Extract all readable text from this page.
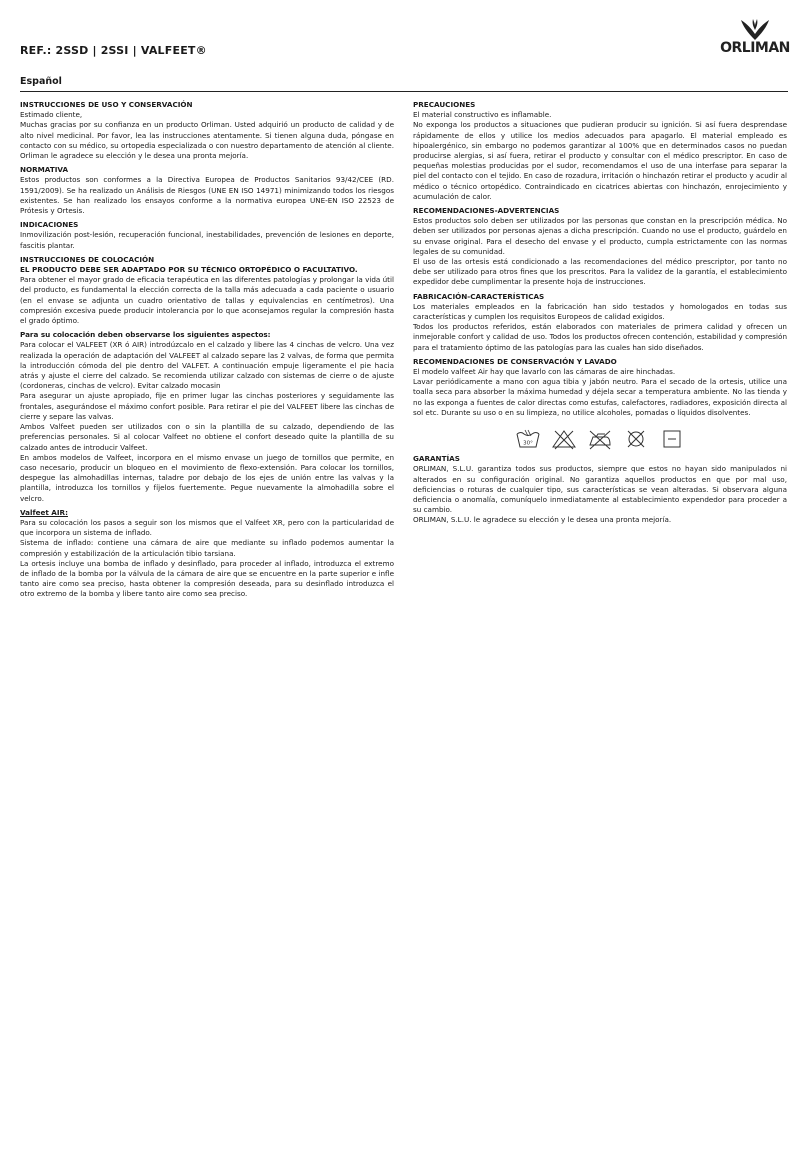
REF.: 2SSD | 2SSI | VALFEET®	ORLIMAN
Español
INSTRUCCIONES DE USO Y CONSERVACIÓN

Estimado cliente,

Muchas gracias por su confianza en un producto Orliman. Usted adquirió un producto de calidad y de alto nivel medicinal. Por favor, lea las instrucciones atentamente. Si tienen alguna duda, póngase en contacto con su médico, su ortopedia especializada o con nuestro departamento de atención al cliente. Orliman le agradece su elección y le desea una pronta mejoría.

NORMATIVA

Estos productos son conformes a la Directiva Europea de Productos Sanitarios 93/42/CEE (RD. 1591/2009). Se ha realizado un Análisis de Riesgos (UNE EN ISO 14971) minimizando todos los riesgos existentes. Se han realizado los ensayos conforme a la normativa europea UNE-EN ISO 22523 de Prótesis y Ortesis.

INDICACIONES

Inmovilización post-lesión, recuperación funcional, inestabilidades, prevención de lesiones en deporte, fascitis plantar.

INSTRUCCIONES DE COLOCACIÓN

EL PRODUCTO DEBE SER ADAPTADO POR SU TÉCNICO ORTOPÉDICO O FACULTATIVO.

Para obtener el mayor grado de eficacia terapéutica en las diferentes patologías y prolongar la vida útil del producto, es fundamental la elección correcta de la talla más adecuada a cada paciente o usuario (en el envase se adjunta un cuadro orientativo de tallas y equivalencias en centímetros). Una compresión excesiva puede producir intolerancia por lo que aconsejamos regular la compresión hasta el grado óptimo.

Para su colocación deben observarse los siguientes aspectos:

Para colocar el VALFEET (XR ó AIR) introdúzcalo en el calzado y libere las 4 cinchas de velcro. Una vez realizada la operación de adaptación del VALFEET al calzado separe las 2 valvas, de forma que permita la introducción cómoda del pie dentro del VALFET. A continuación empuje ligeramente el pie hacia atrás y ajuste el cierre del calzado. Se recomienda utilizar calzado con sistemas de cierre o de ajuste (cordoneras, cinchas de velcro). Evitar calzado mocasin

Para asegurar un ajuste apropiado, fije en primer lugar las cinchas posteriores y seguidamente las frontales, asegurándose el máximo confort posible. Para retirar el pie del VALFEET libere las cinchas de cierre y separe las valvas.

Ambos Valfeet pueden ser utilizados con o sin la plantilla de su calzado, dependiendo de las preferencias personales. Si al colocar Valfeet no obtiene el confort deseado quite la plantilla de su calzado antes de introducir Valfeet.

En ambos modelos de Valfeet, incorpora en el mismo envase un juego de tornillos que permite, en caso necesario, producir un bloqueo en el movimiento de flexo-extensión. Para colocar los tornillos, despegue las almohadillas internas, taladre por debajo de los ejes de unión entre las valvas y la plantilla, introduzca los tornillos y fíjelos fuertemente. Pegue nuevamente la almohadilla sobre el velcro.

Valfeet AIR:

Para su colocación los pasos a seguir son los mismos que el Valfeet XR, pero con la particularidad de que incorpora un sistema de inflado.

Sistema de inflado: contiene una cámara de aire que mediante su inflado podemos aumentar la compresión y estabilización de la articulación tibio tarsiana.

La ortesis incluye una bomba de inflado y desinflado, para proceder al inflado, introduzca el extremo de inflado de la bomba por la válvula de la cámara de aire que se encuentre en la parte superior e infle tanto aire como sea preciso, hasta obtener la compresión deseada, para su desinflado introduzca el otro extremo de la bomba y libere tanto aire como sea preciso.

PRECAUCIONES

El material constructivo es inflamable.

No exponga los productos a situaciones que pudieran producir su ignición. Si así fuera desprendase rápidamente de ellos y utilice los medios adecuados para apagarlo. El material empleado es hipoalergénico, sin embargo no podemos garantizar al 100% que en determinados casos no puedan producirse alergias, si así fuera, retirar el producto y consultar con el médico prescriptor. En caso de pequeñas molestias producidas por el sudor, recomendamos el uso de una interfase para separar la piel del contacto con el tejido. En caso de rozadura, irritación o hinchazón retirar el producto y acudir al médico o técnico ortopédico. Contraindicado en cicatrices abiertas con hinchazón, enrojecimiento y acumulación de calor.

RECOMENDACIONES-ADVERTENCIAS

Estos productos solo deben ser utilizados por las personas que constan en la prescripción médica. No deben ser utilizados por personas ajenas a dicha prescripción. Cuando no use el producto, guárdelo en su envase original. Para el desecho del envase y el producto, cumpla estrictamente con las normas legales de su comunidad.

El uso de las ortesis está condicionado a las recomendaciones del médico prescriptor, por tanto no debe ser utilizado para otros fines que los prescritos. Para la validez de la garantía, el establecimiento expedidor debe cumplimentar la presente hoja de instrucciones.

FABRICACIÓN-CARACTERÍSTICAS

Los materiales empleados en la fabricación han sido testados y homologados en todas sus características y cumplen los requisitos Europeos de calidad exigidos.

Todos los productos referidos, están elaborados con materiales de primera calidad y ofrecen un inmejorable confort y calidad de uso. Todos los productos ofrecen contención, estabilidad y compresión para el tratamiento óptimo de las patologías para las cuales han sido diseñados.

RECOMENDACIONES DE CONSERVACIÓN Y LAVADO

El modelo valfeet Air hay que lavarlo con las cámaras de aire hinchadas.

Lavar periódicamente a mano con agua tibia y jabón neutro. Para el secado de la ortesis, utilice una toalla seca para absorber la máxima humedad y déjela secar a temperatura ambiente. No las tienda y no las exponga a fuentes de calor directas como estufas, calefactores, radiadores, exposición directa al sol etc. Durante su uso o en su limpieza, no utilice alcoholes, pomadas o líquidos disolventes.

30°
GARANTÍAS

ORLIMAN, S.L.U. garantiza todos sus productos, siempre que estos no hayan sido manipulados ni alterados en su configuración original. No garantiza aquellos productos en que por mal uso, deficiencias o roturas de cualquier tipo, sus características se vean alteradas. Si observara alguna deficiencia o anomalía, comuníquelo inmediatamente al establecimiento expendedor para proceder a su cambio.

ORLIMAN, S.L.U. le agradece su elección y le desea una pronta mejoría.
